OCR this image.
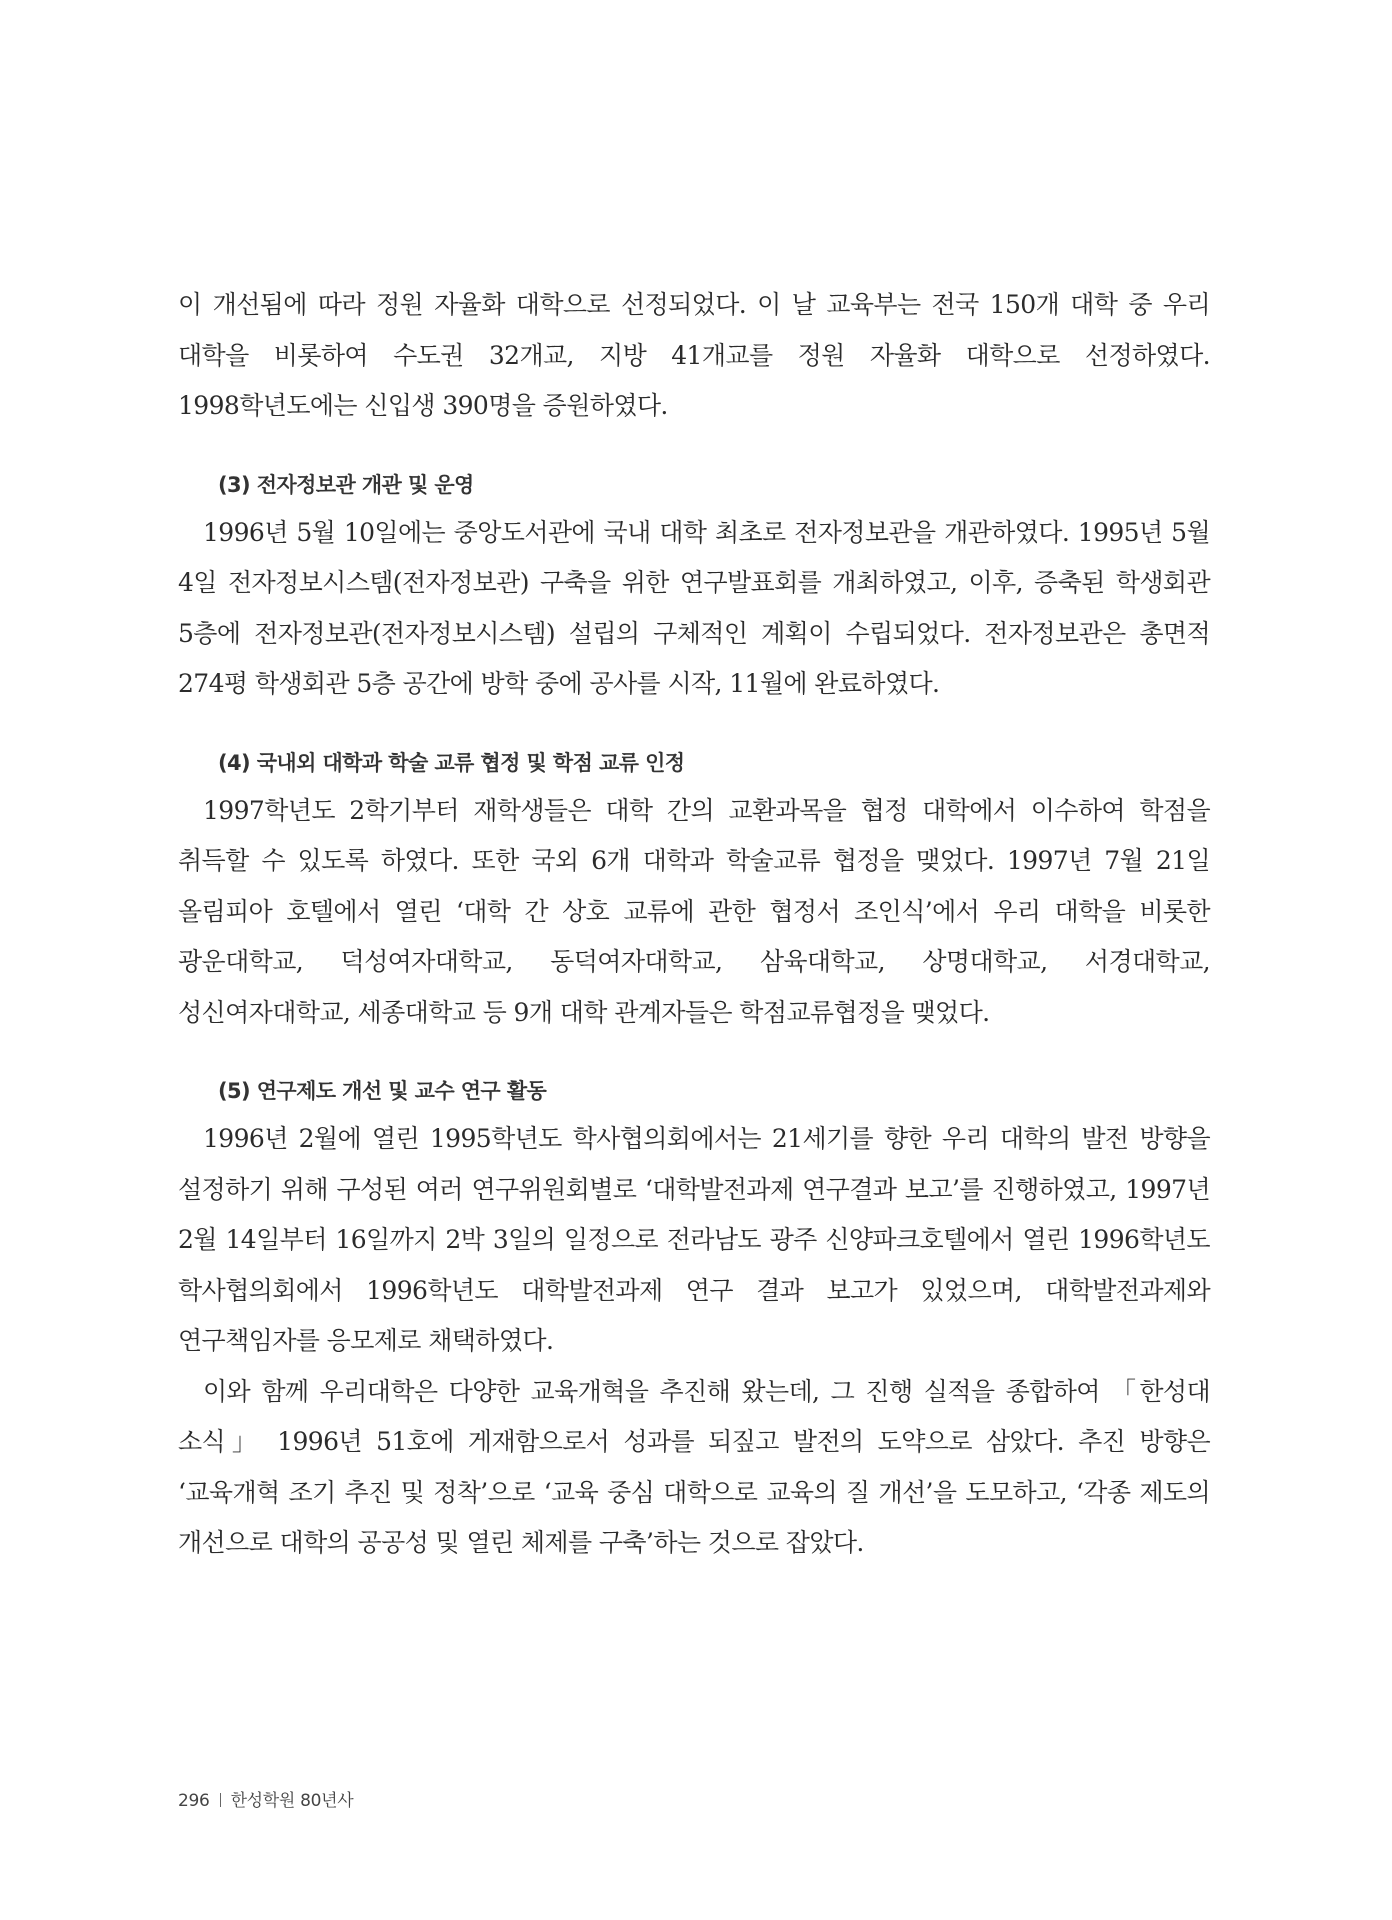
이 개선됨에 따라 정원 자율화 대학으로 선정되었다. 이 날 교육부는 전국 150개 대학 중 우리 대학을 비롯하여 수도권 32개교, 지방 41개교를 정원 자율화 대학으로 선정하였다. 1998학년도에는 신입생 390명을 증원하였다.

(3) 전자정보관 개관 및 운영

1996년 5월 10일에는 중앙도서관에 국내 대학 최초로 전자정보관을 개관하였다. 1995년 5월 4일 전자정보시스템(전자정보관) 구축을 위한 연구발표회를 개최하였고, 이후, 증축된 학생회관 5층에 전자정보관(전자정보시스템) 설립의 구체적인 계획이 수립되었다. 전자정보관은 총면적 274평 학생회관 5층 공간에 방학 중에 공사를 시작, 11월에 완료하였다.

(4) 국내외 대학과 학술 교류 협정 및 학점 교류 인정

1997학년도 2학기부터 재학생들은 대학 간의 교환과목을 협정 대학에서 이수하여 학점을 취득할 수 있도록 하였다. 또한 국외 6개 대학과 학술교류 협정을 맺었다. 1997년 7월 21일 올림피아 호텔에서 열린 ‘대학 간 상호 교류에 관한 협정서 조인식’에서 우리 대학을 비롯한 광운대학교, 덕성여자대학교, 동덕여자대학교, 삼육대학교, 상명대학교, 서경대학교, 성신여자대학교, 세종대학교 등 9개 대학 관계자들은 학점교류협정을 맺었다.

(5) 연구제도 개선 및 교수 연구 활동

1996년 2월에 열린 1995학년도 학사협의회에서는 21세기를 향한 우리 대학의 발전 방향을 설정하기 위해 구성된 여러 연구위원회별로 ‘대학발전과제 연구결과 보고’를 진행하였고, 1997년 2월 14일부터 16일까지 2박 3일의 일정으로 전라남도 광주 신양파크호텔에서 열린 1996학년도 학사협의회에서 1996학년도 대학발전과제 연구 결과 보고가 있었으며, 대학발전과제와 연구책임자를 응모제로 채택하였다.

이와 함께 우리대학은 다양한 교육개혁을 추진해 왔는데, 그 진행 실적을 종합하여 「한성대 소식」 1996년 51호에 게재함으로서 성과를 되짚고 발전의 도약으로 삼았다. 추진 방향은 ‘교육개혁 조기 추진 및 정착’으로 ‘교육 중심 대학으로 교육의 질 개선’을 도모하고, ‘각종 제도의 개선으로 대학의 공공성 및 열린 체제를 구축’하는 것으로 잡았다.

296 한성학원 80년사
